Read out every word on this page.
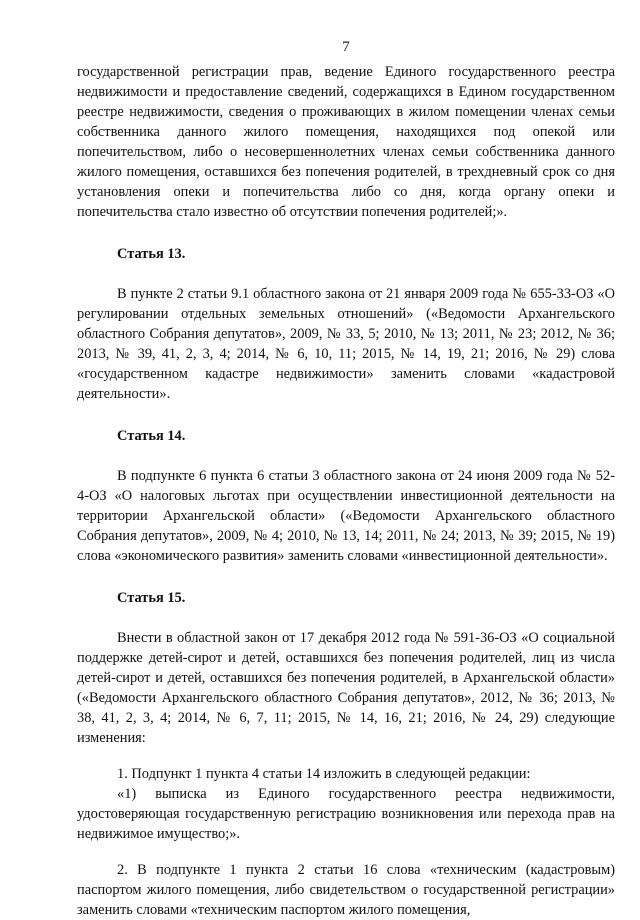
7

государственной регистрации прав, ведение Единого государственного реестра недвижимости и предоставление сведений, содержащихся в Едином государственном реестре недвижимости, сведения о проживающих в жилом помещении членах семьи собственника данного жилого помещения, находящихся под опекой или попечительством, либо о несовершеннолетних членах семьи собственника данного жилого помещения, оставшихся без попечения родителей, в трехдневный срок со дня установления опеки и попечительства либо со дня, когда органу опеки и попечительства стало известно об отсутствии попечения родителей;».

Статья 13.

В пункте 2 статьи 9.1 областного закона от 21 января 2009 года № 655-33-ОЗ «О регулировании отдельных земельных отношений» («Ведомости Архангельского областного Собрания депутатов», 2009, № 33, 5; 2010, № 13; 2011, № 23; 2012, № 36; 2013, № 39, 41, 2, 3, 4; 2014, № 6, 10, 11; 2015, № 14, 19, 21; 2016, № 29) слова «государственном кадастре недвижимости» заменить словами «кадастровой деятельности».

Статья 14.

В подпункте 6 пункта 6 статьи 3 областного закона от 24 июня 2009 года № 52-4-ОЗ «О налоговых льготах при осуществлении инвестиционной деятельности на территории Архангельской области» («Ведомости Архангельского областного Собрания депутатов», 2009, № 4; 2010, № 13, 14; 2011, № 24; 2013, № 39; 2015, № 19) слова «экономического развития» заменить словами «инвестиционной деятельности».

Статья 15.

Внести в областной закон от 17 декабря 2012 года № 591-36-ОЗ «О социальной поддержке детей-сирот и детей, оставшихся без попечения родителей, лиц из числа детей-сирот и детей, оставшихся без попечения родителей, в Архангельской области» («Ведомости Архангельского областного Собрания депутатов», 2012, № 36; 2013, № 38, 41, 2, 3, 4; 2014, № 6, 7, 11; 2015, № 14, 16, 21; 2016, № 24, 29) следующие изменения:

1. Подпункт 1 пункта 4 статьи 14 изложить в следующей редакции:

«1) выписка из Единого государственного реестра недвижимости, удостоверяющая государственную регистрацию возникновения или перехода прав на недвижимое имущество;».

2. В подпункте 1 пункта 2 статьи 16 слова «техническим (кадастровым) паспортом жилого помещения, либо свидетельством о государственной регистрации» заменить словами «техническим паспортом жилого помещения,
